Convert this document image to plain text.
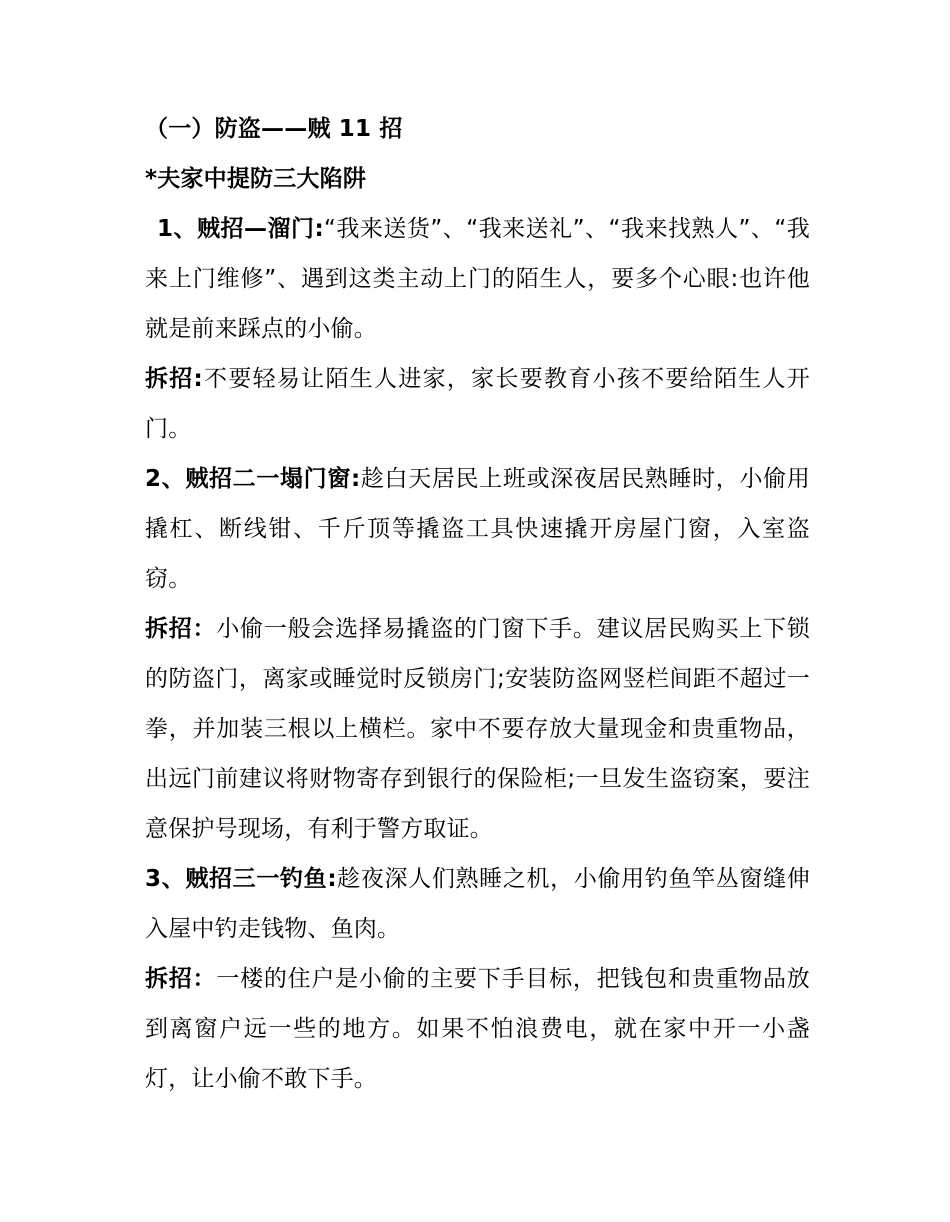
（一）防盗——贼 11 招

*夫家中提防三大陷阱

1、贼招—溜门:“我来送货”、“我来送礼”、“我来找熟人”、“我来上门维修”、遇到这类主动上门的陌生人，要多个心眼:也许他就是前来踩点的小偷。

拆招:不要轻易让陌生人进家，家长要教育小孩不要给陌生人开门。

2、贼招二一塌门窗:趁白天居民上班或深夜居民熟睡时，小偷用撬杠、断线钳、千斤顶等撬盗工具快速撬开房屋门窗，入室盗窃。

拆招：小偷一般会选择易撬盗的门窗下手。建议居民购买上下锁的防盗门，离家或睡觉时反锁房门;安装防盗网竖栏间距不超过一拳，并加装三根以上横栏。家中不要存放大量现金和贵重物品，出远门前建议将财物寄存到银行的保险柜;一旦发生盗窃案，要注意保护号现场，有利于警方取证。

3、贼招三一钓鱼:趁夜深人们熟睡之机，小偷用钓鱼竿丛窗缝伸入屋中钓走钱物、鱼肉。

拆招：一楼的住户是小偷的主要下手目标，把钱包和贵重物品放到离窗户远一些的地方。如果不怕浪费电，就在家中开一小盏灯，让小偷不敢下手。
